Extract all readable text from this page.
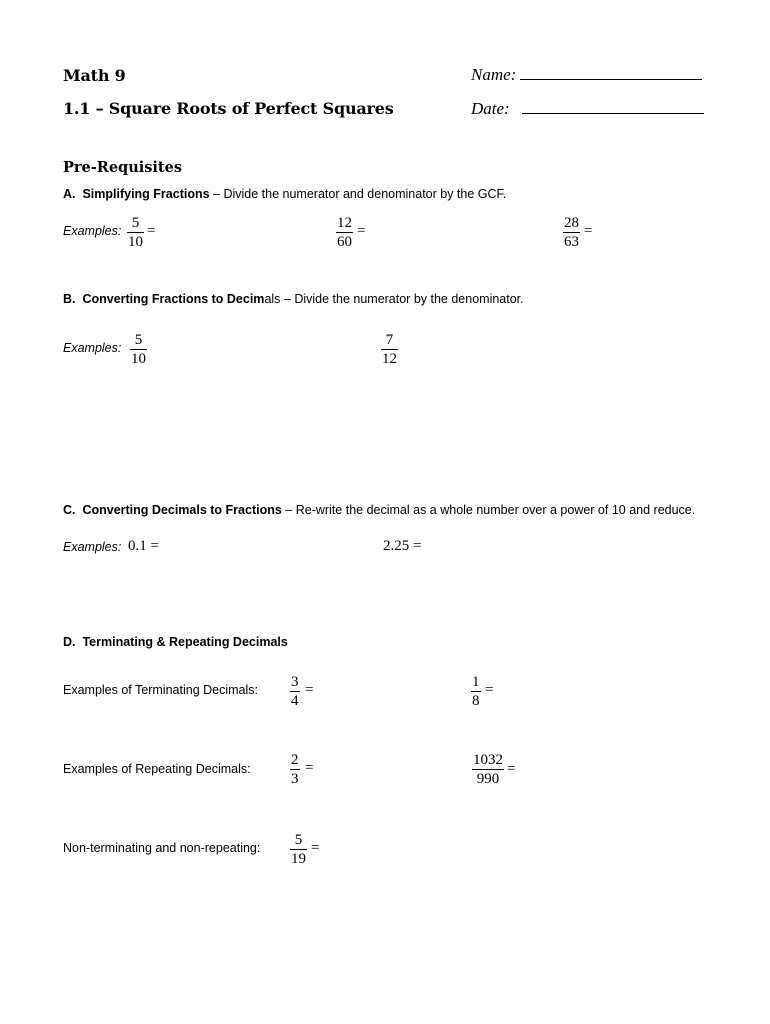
Math 9
1.1 – Square Roots of Perfect Squares
Name:
Date:
Pre-Requisites
A. Simplifying Fractions – Divide the numerator and denominator by the GCF.
Examples: 5
10
=	12
60
=	28
63
=
B. Converting Fractions to Decimals – Divide the numerator by the denominator.
Examples: 5
10
7
12
C. Converting Decimals to Fractions – Re-write the decimal as a whole number over a power of 10 and reduce.
Examples: 0.1 =	2.25 =
D. Terminating & Repeating Decimals
Examples of Terminating Decimals: 3
4
=	1
8
=
Examples of Repeating Decimals:
2
3
=	1032
990
=
Non-terminating and non-repeating: 5
19
=
